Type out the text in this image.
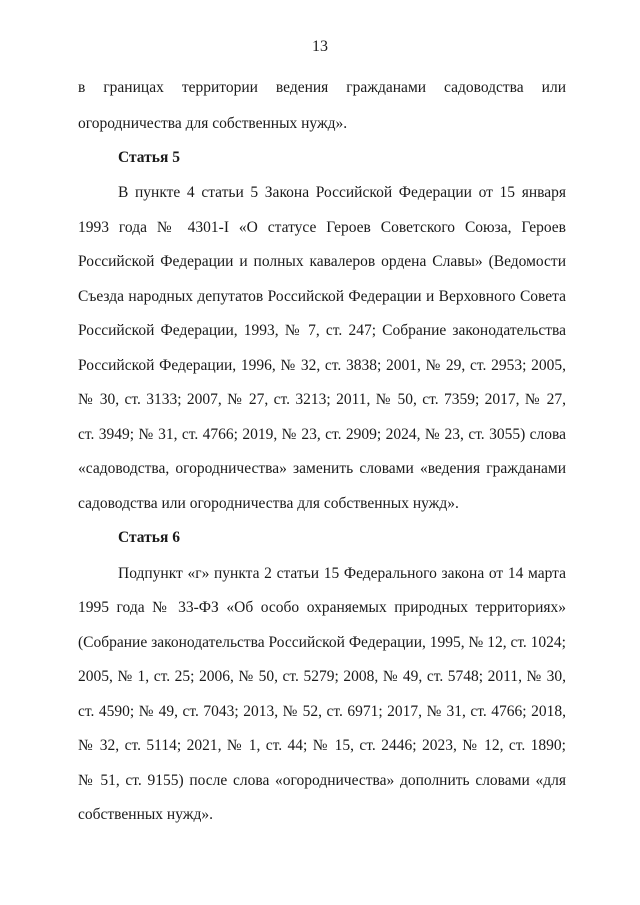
13
в границах территории ведения гражданами садоводства или
огородничества для собственных нужд».
Статья 5
В пункте 4 статьи 5 Закона Российской Федерации от 15 января
1993 года № 4301-I «О статусе Героев Советского Союза, Героев
Российской Федерации и полных кавалеров ордена Славы» (Ведомости
Съезда народных депутатов Российской Федерации и Верховного Совета
Российской Федерации, 1993, № 7, ст. 247; Собрание законодательства
Российской Федерации, 1996, № 32, ст. 3838; 2001, № 29, ст. 2953; 2005,
№ 30, ст. 3133; 2007, № 27, ст. 3213; 2011, № 50, ст. 7359; 2017, № 27,
ст. 3949; № 31, ст. 4766; 2019, № 23, ст. 2909; 2024, № 23, ст. 3055) слова
«садоводства, огородничества» заменить словами «ведения гражданами
садоводства или огородничества для собственных нужд».
Статья 6
Подпункт «г» пункта 2 статьи 15 Федерального закона от 14 марта
1995 года № 33-ФЗ «Об особо охраняемых природных территориях»
(Собрание законодательства Российской Федерации, 1995, № 12, ст. 1024;
2005, № 1, ст. 25; 2006, № 50, ст. 5279; 2008, № 49, ст. 5748; 2011, № 30,
ст. 4590; № 49, ст. 7043; 2013, № 52, ст. 6971; 2017, № 31, ст. 4766; 2018,
№ 32, ст. 5114; 2021, № 1, ст. 44; № 15, ст. 2446; 2023, № 12, ст. 1890;
№ 51, ст. 9155) после слова «огородничества» дополнить словами «для
собственных нужд».
